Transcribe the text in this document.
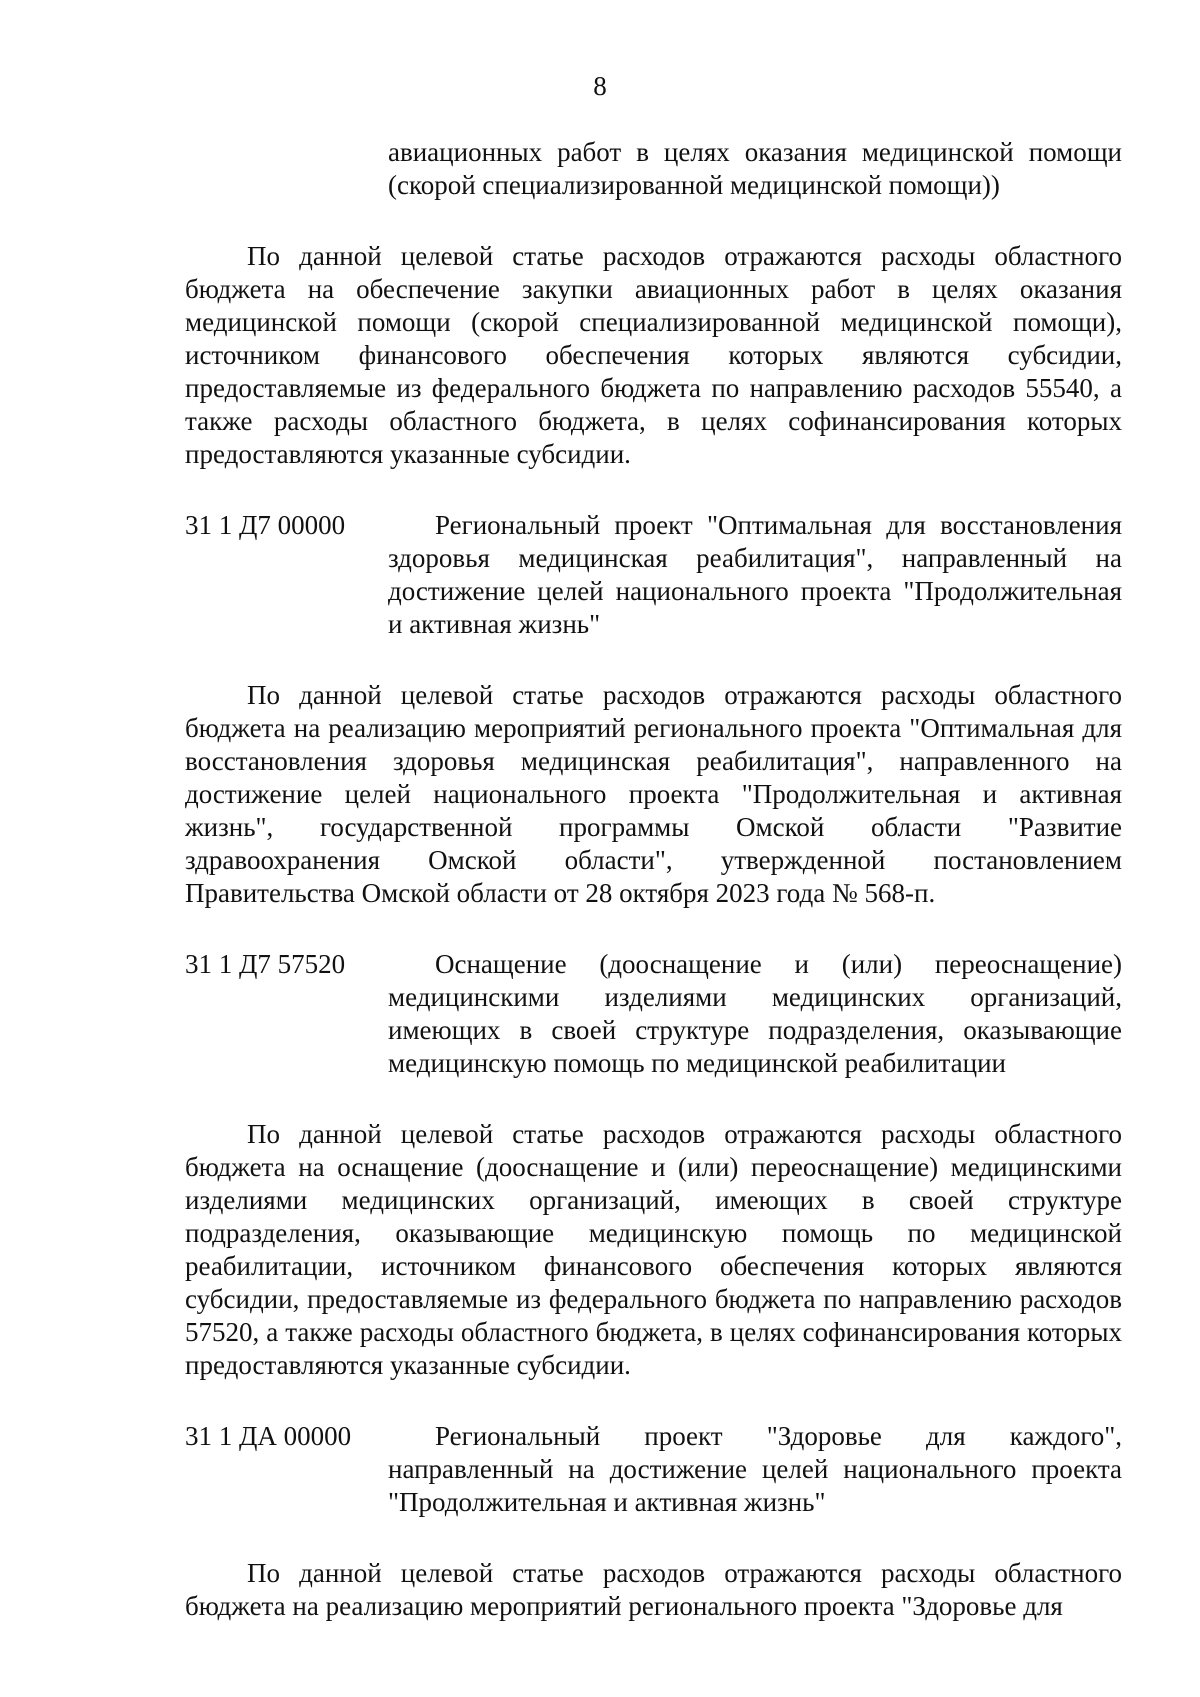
8
авиационных работ в целях оказания медицинской помощи (скорой специализированной медицинской помощи))

По данной целевой статье расходов отражаются расходы областного бюджета на обеспечение закупки авиационных работ в целях оказания медицинской помощи (скорой специализированной медицинской помощи), источником финансового обеспечения которых являются субсидии, предоставляемые из федерального бюджета по направлению расходов 55540, а также расходы областного бюджета, в целях софинансирования которых предоставляются указанные субсидии.

31 1 Д7 00000	Региональный проект "Оптимальная для восстановления здоровья медицинская реабилитация", направленный на достижение целей национального проекта "Продолжительная и активная жизнь"

По данной целевой статье расходов отражаются расходы областного бюджета на реализацию мероприятий регионального проекта "Оптимальная для восстановления здоровья медицинская реабилитация", направленного на достижение целей национального проекта "Продолжительная и активная жизнь", государственной программы Омской области "Развитие здравоохранения Омской области", утвержденной постановлением Правительства Омской области от 28 октября 2023 года № 568-п.

31 1 Д7 57520	Оснащение (дооснащение и (или) переоснащение) медицинскими изделиями медицинских организаций, имеющих в своей структуре подразделения, оказывающие медицинскую помощь по медицинской реабилитации

По данной целевой статье расходов отражаются расходы областного бюджета на оснащение (дооснащение и (или) переоснащение) медицинскими изделиями медицинских организаций, имеющих в своей структуре подразделения, оказывающие медицинскую помощь по медицинской реабилитации, источником финансового обеспечения которых являются субсидии, предоставляемые из федерального бюджета по направлению расходов 57520, а также расходы областного бюджета, в целях софинансирования которых предоставляются указанные субсидии.

31 1 ДА 00000	Региональный проект "Здоровье для каждого", направленный на достижение целей национального проекта "Продолжительная и активная жизнь"

По данной целевой статье расходов отражаются расходы областного бюджета на реализацию мероприятий регионального проекта "Здоровье для
